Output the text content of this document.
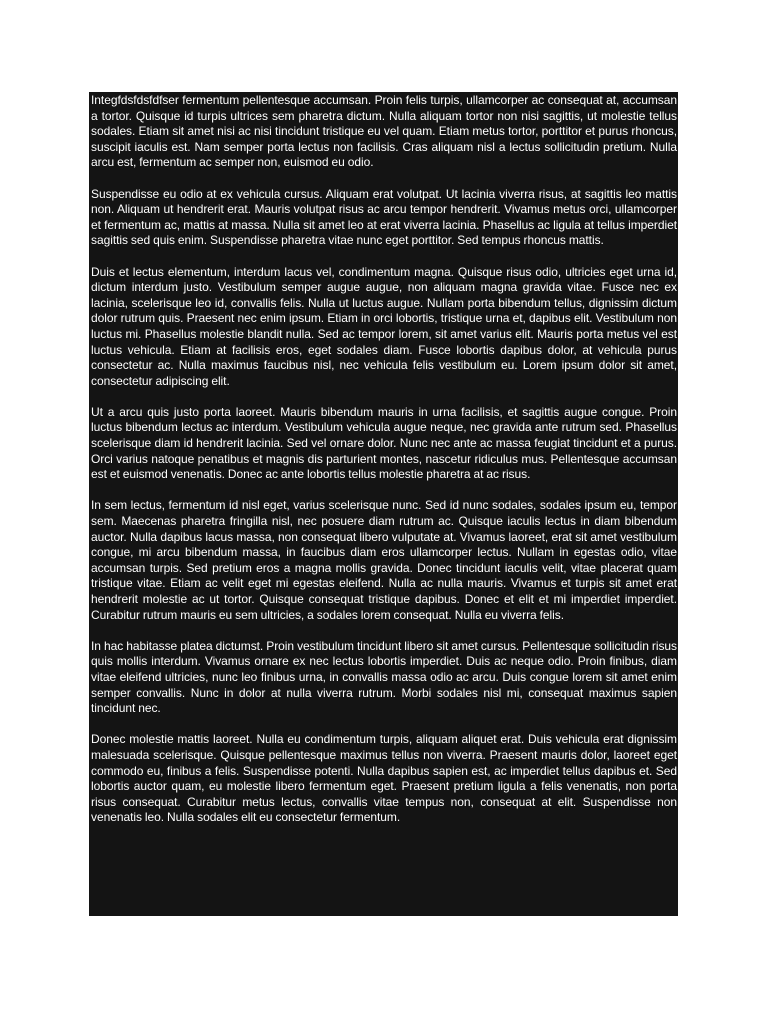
Integfdsfdsfdfser fermentum pellentesque accumsan. Proin felis turpis, ullamcorper ac consequat at, accumsan a tortor. Quisque id turpis ultrices sem pharetra dictum. Nulla aliquam tortor non nisi sagittis, ut molestie tellus sodales. Etiam sit amet nisi ac nisi tincidunt tristique eu vel quam. Etiam metus tortor, porttitor et purus rhoncus, suscipit iaculis est. Nam semper porta lectus non facilisis. Cras aliquam nisl a lectus sollicitudin pretium. Nulla arcu est, fermentum ac semper non, euismod eu odio.

Suspendisse eu odio at ex vehicula cursus. Aliquam erat volutpat. Ut lacinia viverra risus, at sagittis leo mattis non. Aliquam ut hendrerit erat. Mauris volutpat risus ac arcu tempor hendrerit. Vivamus metus orci, ullamcorper et fermentum ac, mattis at massa. Nulla sit amet leo at erat viverra lacinia. Phasellus ac ligula at tellus imperdiet sagittis sed quis enim. Suspendisse pharetra vitae nunc eget porttitor. Sed tempus rhoncus mattis.

Duis et lectus elementum, interdum lacus vel, condimentum magna. Quisque risus odio, ultricies eget urna id, dictum interdum justo. Vestibulum semper augue augue, non aliquam magna gravida vitae. Fusce nec ex lacinia, scelerisque leo id, convallis felis. Nulla ut luctus augue. Nullam porta bibendum tellus, dignissim dictum dolor rutrum quis. Praesent nec enim ipsum. Etiam in orci lobortis, tristique urna et, dapibus elit. Vestibulum non luctus mi. Phasellus molestie blandit nulla. Sed ac tempor lorem, sit amet varius elit. Mauris porta metus vel est luctus vehicula. Etiam at facilisis eros, eget sodales diam. Fusce lobortis dapibus dolor, at vehicula purus consectetur ac. Nulla maximus faucibus nisl, nec vehicula felis vestibulum eu. Lorem ipsum dolor sit amet, consectetur adipiscing elit.

Ut a arcu quis justo porta laoreet. Mauris bibendum mauris in urna facilisis, et sagittis augue congue. Proin luctus bibendum lectus ac interdum. Vestibulum vehicula augue neque, nec gravida ante rutrum sed. Phasellus scelerisque diam id hendrerit lacinia. Sed vel ornare dolor. Nunc nec ante ac massa feugiat tincidunt et a purus. Orci varius natoque penatibus et magnis dis parturient montes, nascetur ridiculus mus. Pellentesque accumsan est et euismod venenatis. Donec ac ante lobortis tellus molestie pharetra at ac risus.

In sem lectus, fermentum id nisl eget, varius scelerisque nunc. Sed id nunc sodales, sodales ipsum eu, tempor sem. Maecenas pharetra fringilla nisl, nec posuere diam rutrum ac. Quisque iaculis lectus in diam bibendum auctor. Nulla dapibus lacus massa, non consequat libero vulputate at. Vivamus laoreet, erat sit amet vestibulum congue, mi arcu bibendum massa, in faucibus diam eros ullamcorper lectus. Nullam in egestas odio, vitae accumsan turpis. Sed pretium eros a magna mollis gravida. Donec tincidunt iaculis velit, vitae placerat quam tristique vitae. Etiam ac velit eget mi egestas eleifend. Nulla ac nulla mauris. Vivamus et turpis sit amet erat hendrerit molestie ac ut tortor. Quisque consequat tristique dapibus. Donec et elit et mi imperdiet imperdiet. Curabitur rutrum mauris eu sem ultricies, a sodales lorem consequat. Nulla eu viverra felis.

In hac habitasse platea dictumst. Proin vestibulum tincidunt libero sit amet cursus. Pellentesque sollicitudin risus quis mollis interdum. Vivamus ornare ex nec lectus lobortis imperdiet. Duis ac neque odio. Proin finibus, diam vitae eleifend ultricies, nunc leo finibus urna, in convallis massa odio ac arcu. Duis congue lorem sit amet enim semper convallis. Nunc in dolor at nulla viverra rutrum. Morbi sodales nisl mi, consequat maximus sapien tincidunt nec.

Donec molestie mattis laoreet. Nulla eu condimentum turpis, aliquam aliquet erat. Duis vehicula erat dignissim malesuada scelerisque. Quisque pellentesque maximus tellus non viverra. Praesent mauris dolor, laoreet eget commodo eu, finibus a felis. Suspendisse potenti. Nulla dapibus sapien est, ac imperdiet tellus dapibus et. Sed lobortis auctor quam, eu molestie libero fermentum eget. Praesent pretium ligula a felis venenatis, non porta risus consequat. Curabitur metus lectus, convallis vitae tempus non, consequat at elit. Suspendisse non venenatis leo. Nulla sodales elit eu consectetur fermentum.
